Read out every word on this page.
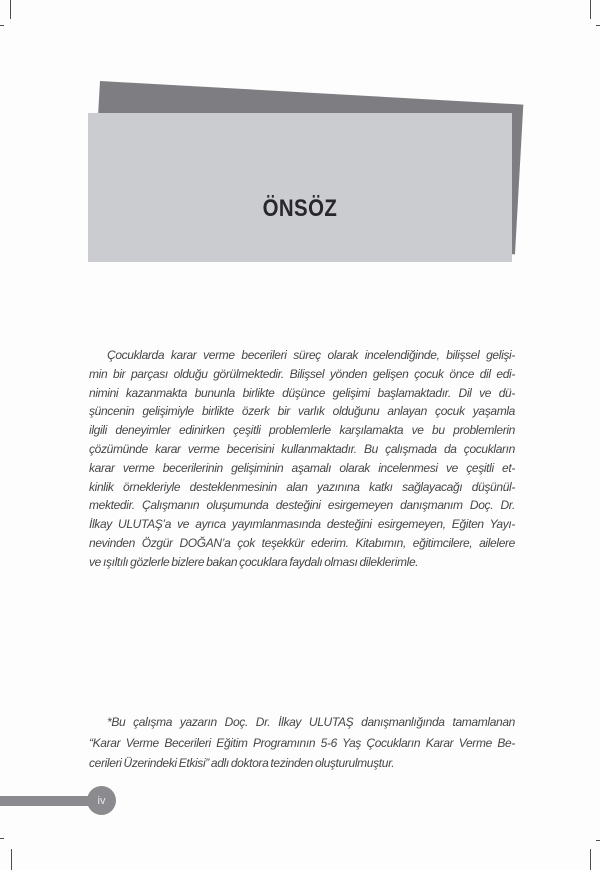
ÖNSÖZ
Çocuklarda karar verme becerileri süreç olarak incelendiğinde, bilişsel gelişi-
min bir parçası olduğu görülmektedir. Bilişsel yönden gelişen çocuk önce dil edi-
nimini kazanmakta bununla birlikte düşünce gelişimi başlamaktadır. Dil ve dü-
şüncenin gelişimiyle birlikte özerk bir varlık olduğunu anlayan çocuk yaşamla
ilgili deneyimler edinirken çeşitli problemlerle karşılamakta ve bu problemlerin
çözümünde karar verme becerisini kullanmaktadır. Bu çalışmada da çocukların
karar verme becerilerinin gelişiminin aşamalı olarak incelenmesi ve çeşitli et-
kinlik örnekleriyle desteklenmesinin alan yazınına katkı sağlayacağı düşünül-
mektedir. Çalışmanın oluşumunda desteğini esirgemeyen danışmanım Doç. Dr.
İlkay ULUTAŞ’a ve ayrıca yayımlanmasında desteğini esirgemeyen, Eğiten Yayı-
nevinden Özgür DOĞAN’a çok teşekkür ederim. Kitabımın, eğitimcilere, ailelere
ve ışıltılı gözlerle bizlere bakan çocuklara faydalı olması dileklerimle.
*Bu çalışma yazarın Doç. Dr. İlkay ULUTAŞ danışmanlığında tamamlanan
“Karar Verme Becerileri Eğitim Programının 5-6 Yaş Çocukların Karar Verme Be-
cerileri Üzerindeki Etkisi” adlı doktora tezinden oluşturulmuştur.
iv
